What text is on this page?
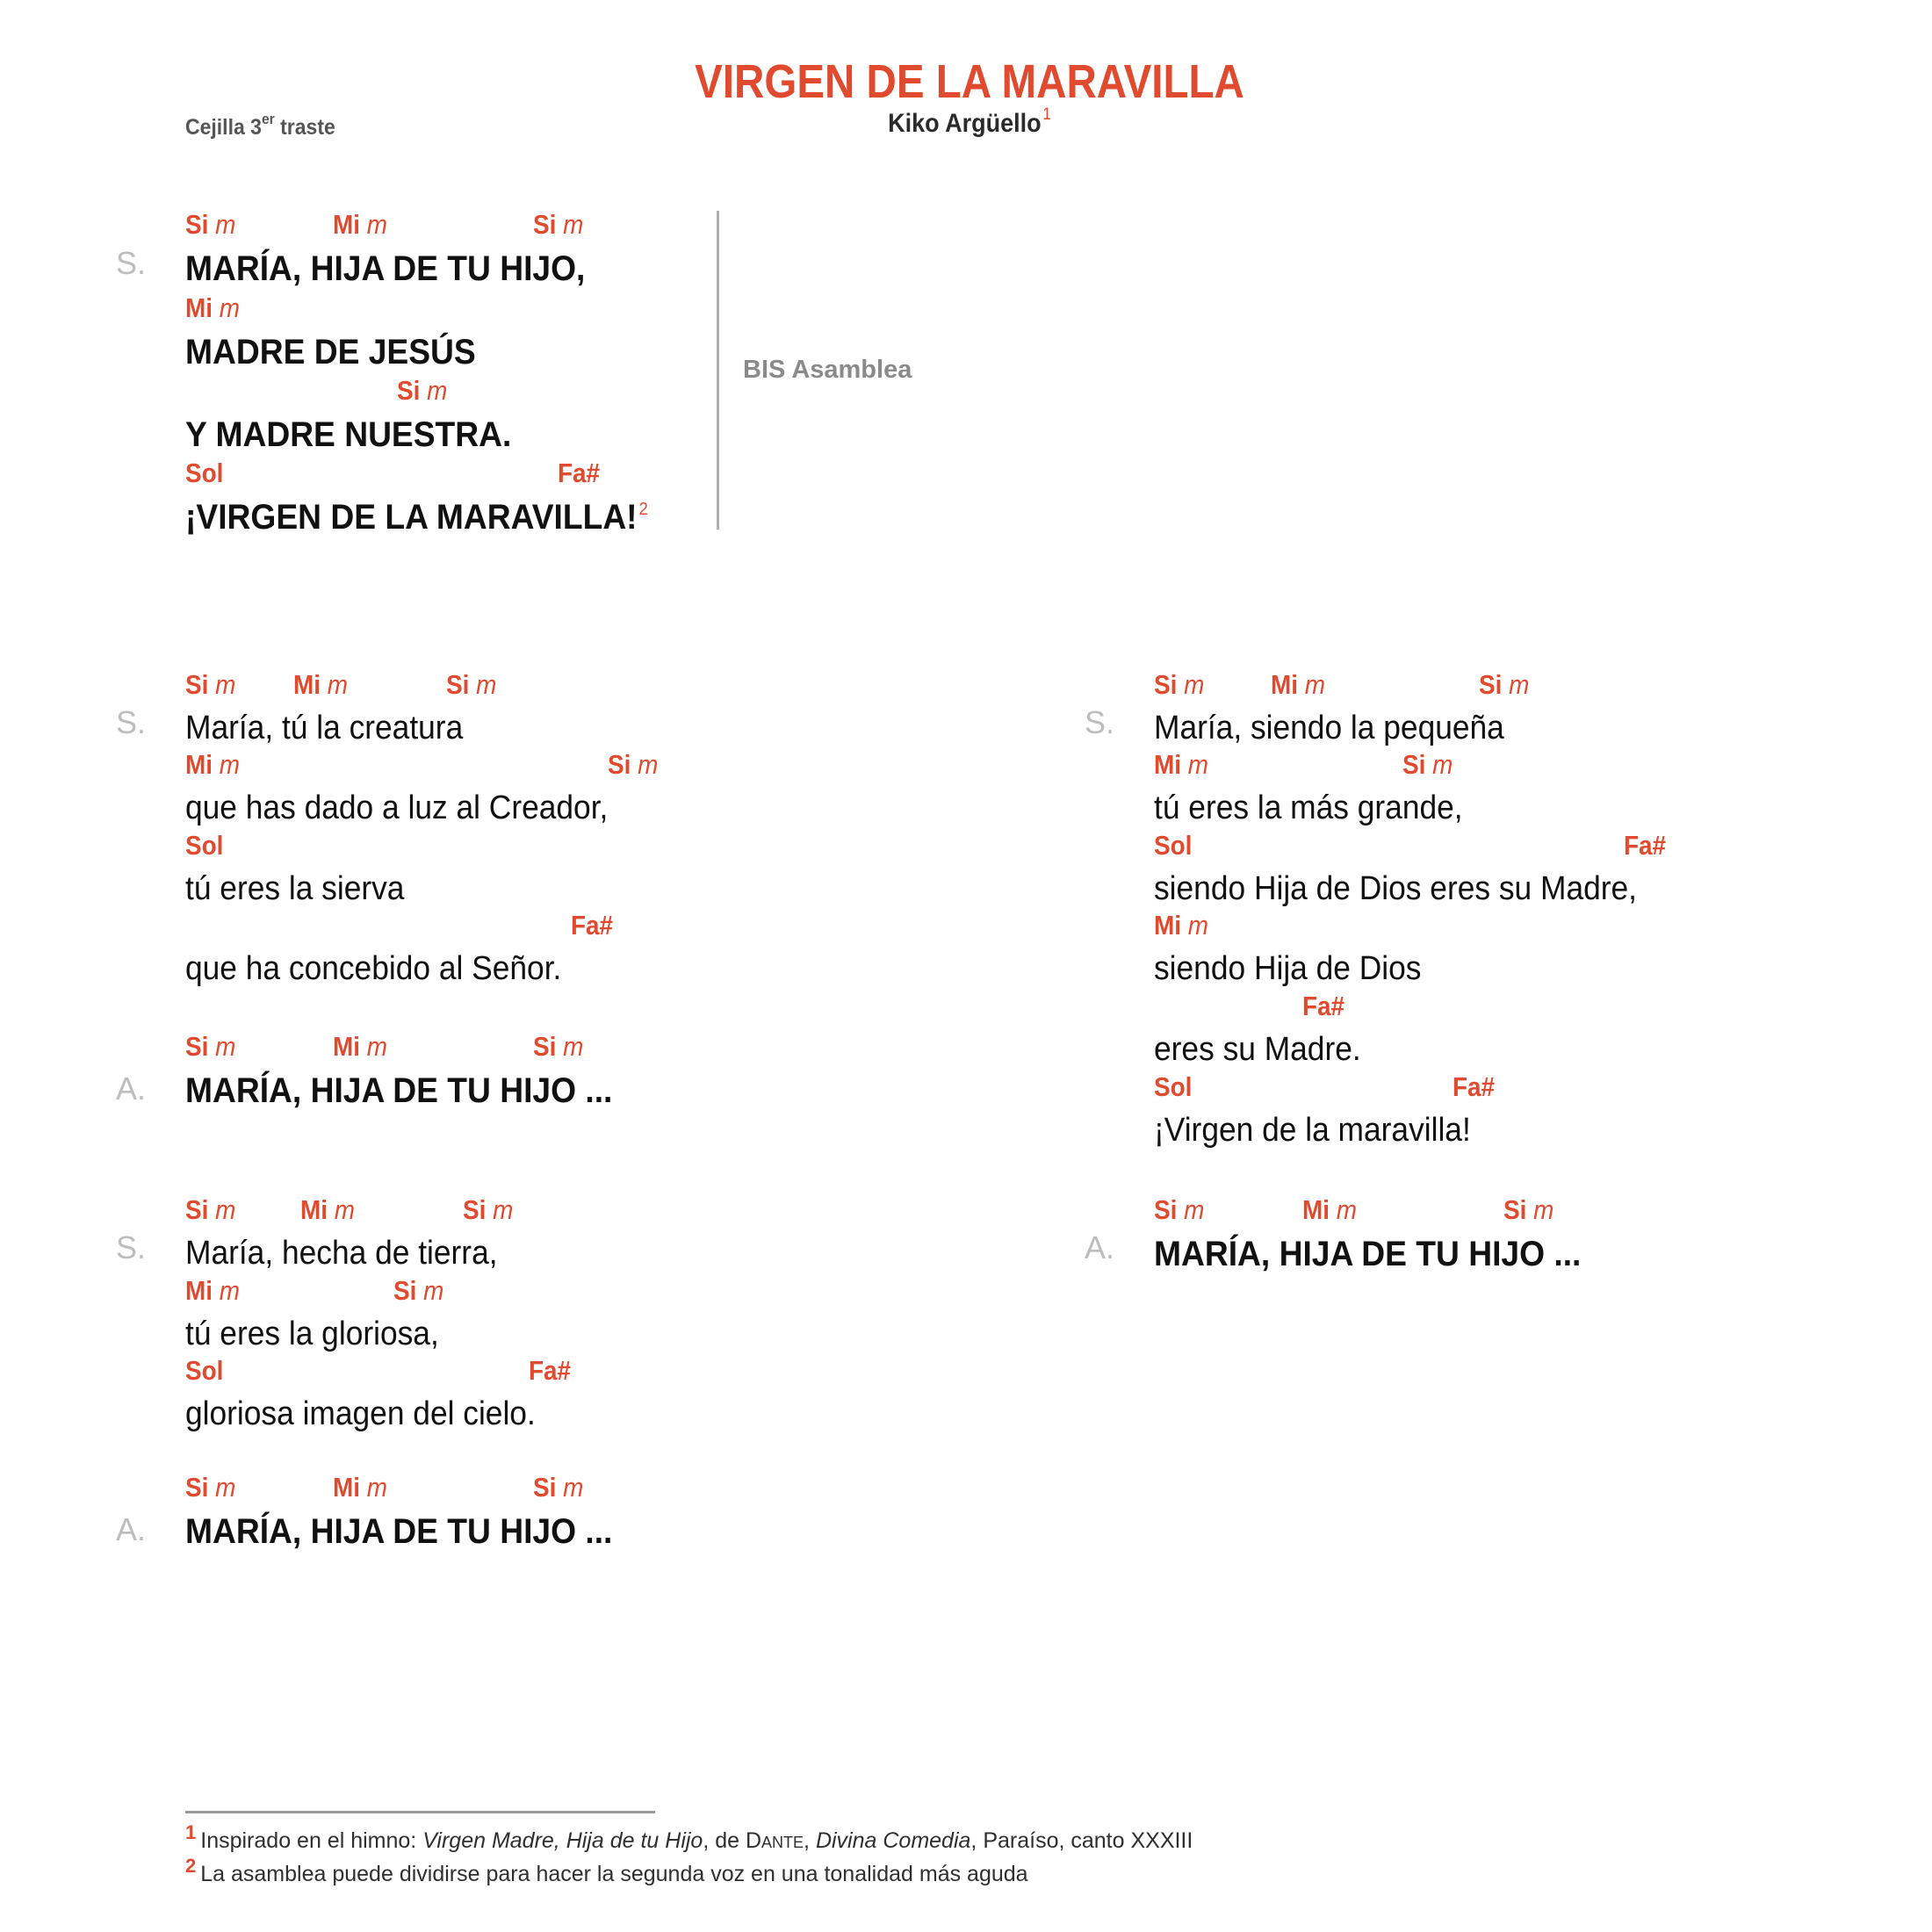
VIRGEN DE LA MARAVILLA
Kiko Argüello$^1$
Cejilla 3er traste
S.
Si m	Mi m	Si m
MARÍA, HIJA DE TU HIJO,
Mi m
MADRE DE JESÚS
Si m
Y MADRE NUESTRA.
Sol	Fa#
¡VIRGEN DE LA MARAVILLA!$^2$
BIS Asamblea
S.
Si m Mi m	Si m
María, tú la creatura
Mi m	Si m
que has dado a luz al Creador,
Sol
tú eres la sierva
Fa#
que ha concebido al Señor.
A.
Si m	Mi m	Si m
MARÍA, HIJA DE TU HIJO ...
S.
Si m Mi m	Si m
María, hecha de tierra,
Mi m	Si m
tú eres la gloriosa,
Sol	Fa#
gloriosa imagen del cielo.
A.
Si m	Mi m	Si m
MARÍA, HIJA DE TU HIJO ...
S.
Si m Mi m	Si m
María, siendo la pequeña
Mi m	Si m
tú eres la más grande,
Sol	Fa#
siendo Hija de Dios eres su Madre,
Mi m
siendo Hija de Dios
Fa#
eres su Madre.
Sol	Fa#
¡Virgen de la maravilla!
A.
Si m	Mi m	Si m
MARÍA, HIJA DE TU HIJO ...
1 Inspirado en el himno: Virgen Madre, Hija de tu Hijo, de Dante, Divina Comedia, Paraíso, canto XXXIII
2 La asamblea puede dividirse para hacer la segunda voz en una tonalidad más aguda
